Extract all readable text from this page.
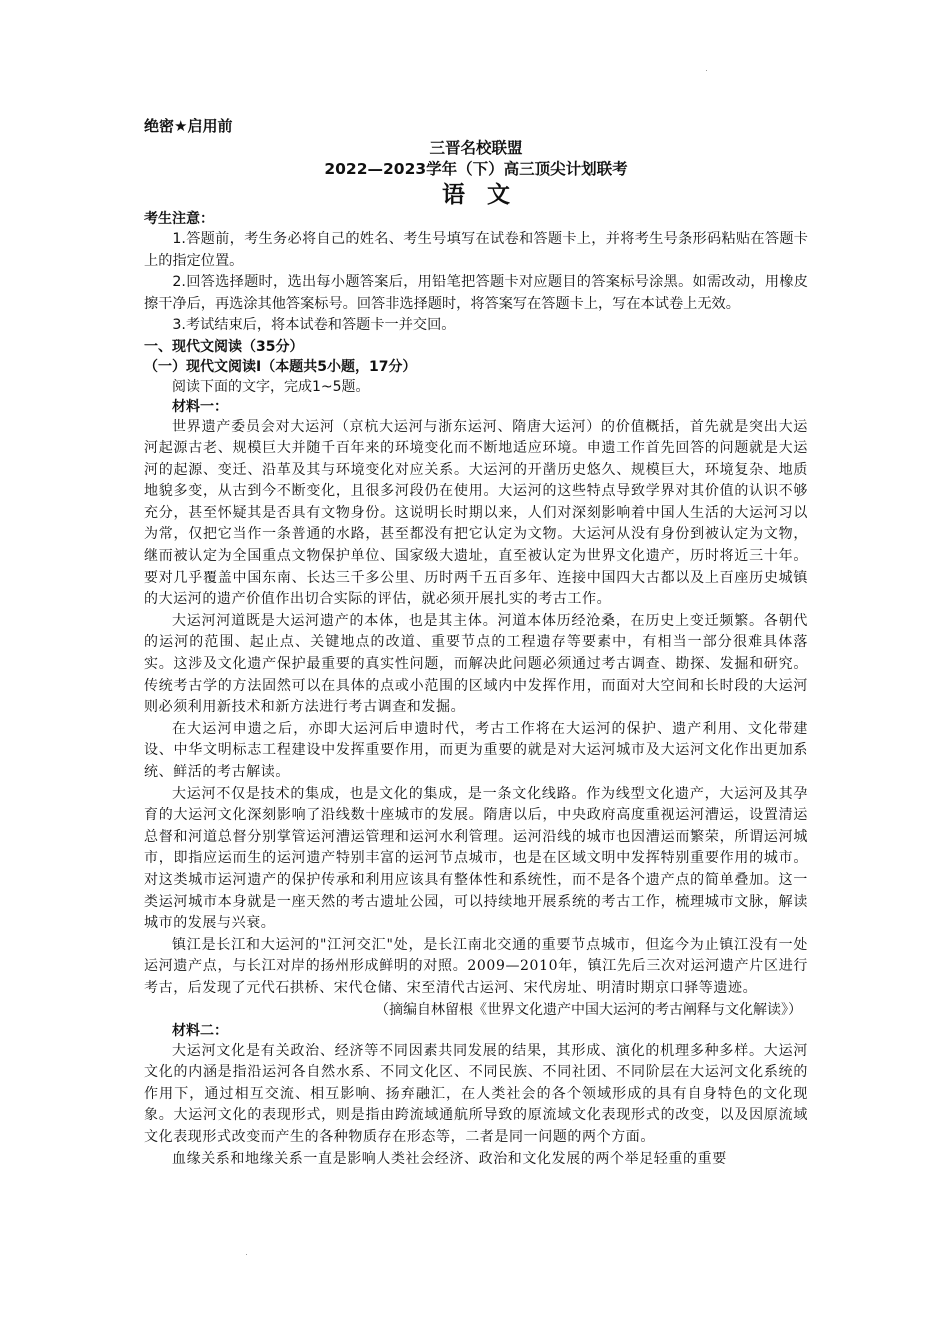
绝密★启用前

三晋名校联盟

2022—2023学年（下）高三顶尖计划联考

语文

考生注意：

1.答题前，考生务必将自己的姓名、考生号填写在试卷和答题卡上，并将考生号条形码粘贴在答题卡上的指定位置。

2.回答选择题时，选出每小题答案后，用铅笔把答题卡对应题目的答案标号涂黑。如需改动，用橡皮擦干净后，再选涂其他答案标号。回答非选择题时，将答案写在答题卡上，写在本试卷上无效。

3.考试结束后，将本试卷和答题卡一并交回。

一、现代文阅读（35分）

（一）现代文阅读Ⅰ（本题共5小题，17分）

阅读下面的文字，完成1~5题。

材料一：

世界遗产委员会对大运河（京杭大运河与浙东运河、隋唐大运河）的价值概括，首先就是突出大运河起源古老、规模巨大并随千百年来的环境变化而不断地适应环境。申遗工作首先回答的问题就是大运河的起源、变迁、沿革及其与环境变化对应关系。大运河的开凿历史悠久、规模巨大，环境复杂、地质地貌多变，从古到今不断变化，且很多河段仍在使用。大运河的这些特点导致学界对其价值的认识不够充分，甚至怀疑其是否具有文物身份。这说明长时期以来，人们对深刻影响着中国人生活的大运河习以为常，仅把它当作一条普通的水路，甚至都没有把它认定为文物。大运河从没有身份到被认定为文物，继而被认定为全国重点文物保护单位、国家级大遗址，直至被认定为世界文化遗产，历时将近三十年。要对几乎覆盖中国东南、长达三千多公里、历时两千五百多年、连接中国四大古都以及上百座历史城镇的大运河的遗产价值作出切合实际的评估，就必须开展扎实的考古工作。

大运河河道既是大运河遗产的本体，也是其主体。河道本体历经沧桑，在历史上变迁频繁。各朝代的运河的范围、起止点、关键地点的改道、重要节点的工程遗存等要素中，有相当一部分很难具体落实。这涉及文化遗产保护最重要的真实性问题，而解决此问题必须通过考古调查、勘探、发掘和研究。传统考古学的方法固然可以在具体的点或小范围的区域内中发挥作用，而面对大空间和长时段的大运河则必须利用新技术和新方法进行考古调查和发掘。

在大运河申遗之后，亦即大运河后申遗时代，考古工作将在大运河的保护、遗产利用、文化带建设、中华文明标志工程建设中发挥重要作用，而更为重要的就是对大运河城市及大运河文化作出更加系统、鲜活的考古解读。

大运河不仅是技术的集成，也是文化的集成，是一条文化线路。作为线型文化遗产，大运河及其孕育的大运河文化深刻影响了沿线数十座城市的发展。隋唐以后，中央政府高度重视运河漕运，设置清运总督和河道总督分别掌管运河漕运管理和运河水利管理。运河沿线的城市也因漕运而繁荣，所谓运河城市，即指应运而生的运河遗产特别丰富的运河节点城市，也是在区域文明中发挥特别重要作用的城市。对这类城市运河遗产的保护传承和利用应该具有整体性和系统性，而不是各个遗产点的简单叠加。这一类运河城市本身就是一座天然的考古遗址公园，可以持续地开展系统的考古工作，梳理城市文脉，解读城市的发展与兴衰。

镇江是长江和大运河的"江河交汇"处，是长江南北交通的重要节点城市，但迄今为止镇江没有一处运河遗产点，与长江对岸的扬州形成鲜明的对照。2009—2010年，镇江先后三次对运河遗产片区进行考古，后发现了元代石拱桥、宋代仓储、宋至清代古运河、宋代房址、明清时期京口驿等遗迹。

（摘编自林留根《世界文化遗产中国大运河的考古阐释与文化解读》）

材料二：

大运河文化是有关政治、经济等不同因素共同发展的结果，其形成、演化的机理多种多样。大运河文化的内涵是指沿运河各自然水系、不同文化区、不同民族、不同社团、不同阶层在大运河文化系统的作用下，通过相互交流、相互影响、扬弃融汇，在人类社会的各个领域形成的具有自身特色的文化现象。大运河文化的表现形式，则是指由跨流域通航所导致的原流域文化表现形式的改变，以及因原流域文化表现形式改变而产生的各种物质存在形态等，二者是同一问题的两个方面。

血缘关系和地缘关系一直是影响人类社会经济、政治和文化发展的两个举足轻重的重要
